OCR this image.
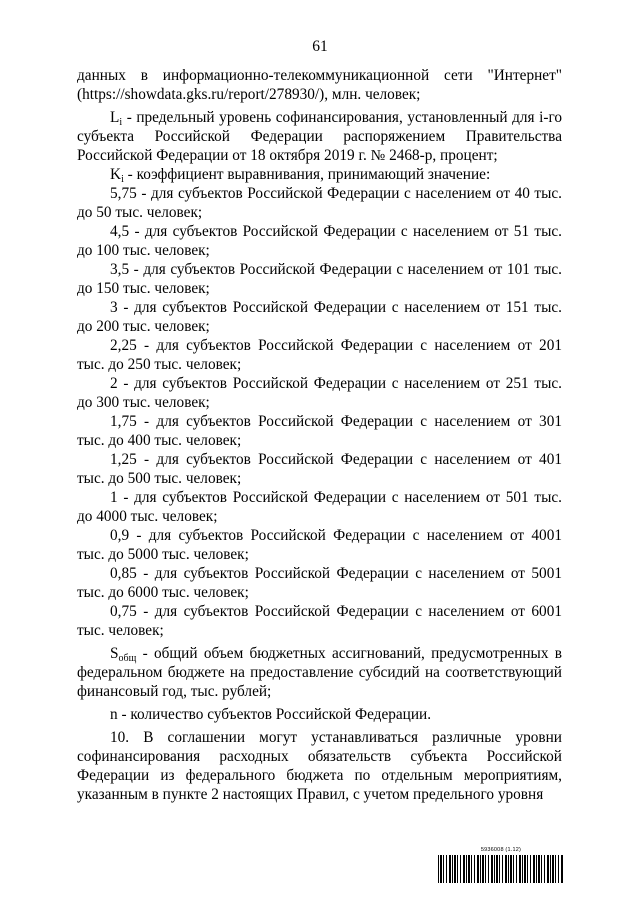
61

данных в информационно-телекоммуникационной сети "Интернет" (https://showdata.gks.ru/report/278930/), млн. человек;

$L_i$ - предельный уровень софинансирования, установленный для i-го субъекта Российской Федерации распоряжением Правительства Российской Федерации от 18 октября 2019 г. № 2468-р, процент;

$K_i$ - коэффициент выравнивания, принимающий значение:

5,75 - для субъектов Российской Федерации с населением от 40 тыс. до 50 тыс. человек;

4,5 - для субъектов Российской Федерации с населением от 51 тыс. до 100 тыс. человек;

3,5 - для субъектов Российской Федерации с населением от 101 тыс. до 150 тыс. человек;

3 - для субъектов Российской Федерации с населением от 151 тыс. до 200 тыс. человек;

2,25 - для субъектов Российской Федерации с населением от 201 тыс. до 250 тыс. человек;

2 - для субъектов Российской Федерации с населением от 251 тыс. до 300 тыс. человек;

1,75 - для субъектов Российской Федерации с населением от 301 тыс. до 400 тыс. человек;

1,25 - для субъектов Российской Федерации с населением от 401 тыс. до 500 тыс. человек;

1 - для субъектов Российской Федерации с населением от 501 тыс. до 4000 тыс. человек;

0,9 - для субъектов Российской Федерации с населением от 4001 тыс. до 5000 тыс. человек;

0,85 - для субъектов Российской Федерации с населением от 5001 тыс. до 6000 тыс. человек;

0,75 - для субъектов Российской Федерации с населением от 6001 тыс. человек;

$S_{общ}$ - общий объем бюджетных ассигнований, предусмотренных в федеральном бюджете на предоставление субсидий на соответствующий финансовый год, тыс. рублей;

n - количество субъектов Российской Федерации.

10. В соглашении могут устанавливаться различные уровни софинансирования расходных обязательств субъекта Российской Федерации из федерального бюджета по отдельным мероприятиям, указанным в пункте 2 настоящих Правил, с учетом предельного уровня

5936008 (1.12)
